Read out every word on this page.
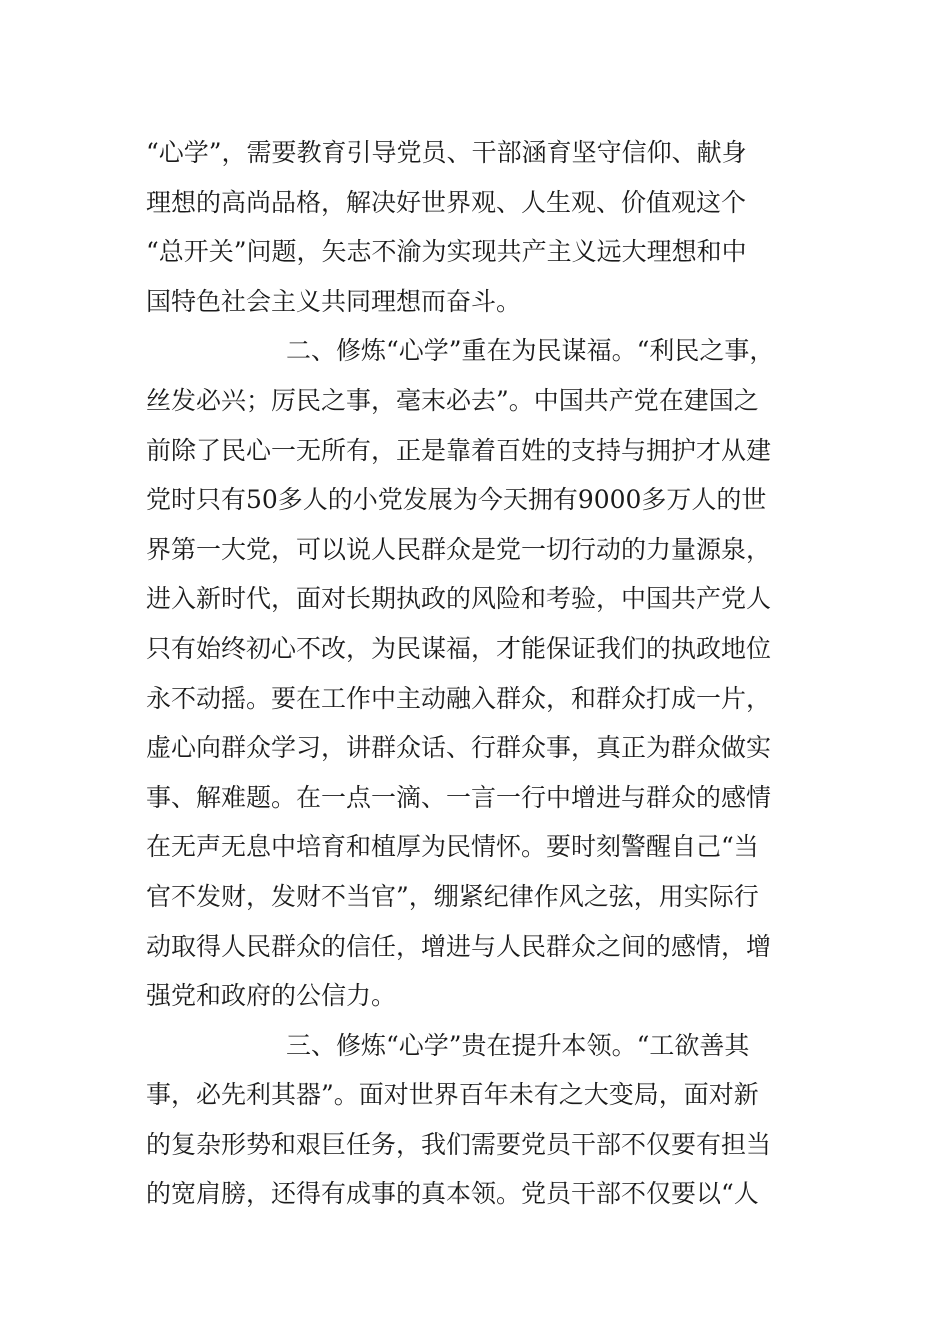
“心学”，需要教育引导党员、干部涵育坚守信仰、献身
理想的高尚品格，解决好世界观、人生观、价值观这个
“总开关”问题，矢志不渝为实现共产主义远大理想和中
国特色社会主义共同理想而奋斗。
二、修炼“心学”重在为民谋福。“利民之事，
丝发必兴；厉民之事，毫末必去”。中国共产党在建国之
前除了民心一无所有，正是靠着百姓的支持与拥护才从建
党时只有50多人的小党发展为今天拥有9000多万人的世
界第一大党，可以说人民群众是党一切行动的力量源泉，
进入新时代，面对长期执政的风险和考验，中国共产党人
只有始终初心不改，为民谋福，才能保证我们的执政地位
永不动摇。要在工作中主动融入群众，和群众打成一片，
虚心向群众学习，讲群众话、行群众事，真正为群众做实
事、解难题。在一点一滴、一言一行中增进与群众的感情
在无声无息中培育和植厚为民情怀。要时刻警醒自己“当
官不发财，发财不当官”，绷紧纪律作风之弦，用实际行
动取得人民群众的信任，增进与人民群众之间的感情，增
强党和政府的公信力。
三、修炼“心学”贵在提升本领。“工欲善其
事，必先利其器”。面对世界百年未有之大变局，面对新
的复杂形势和艰巨任务，我们需要党员干部不仅要有担当
的宽肩膀，还得有成事的真本领。党员干部不仅要以“人
